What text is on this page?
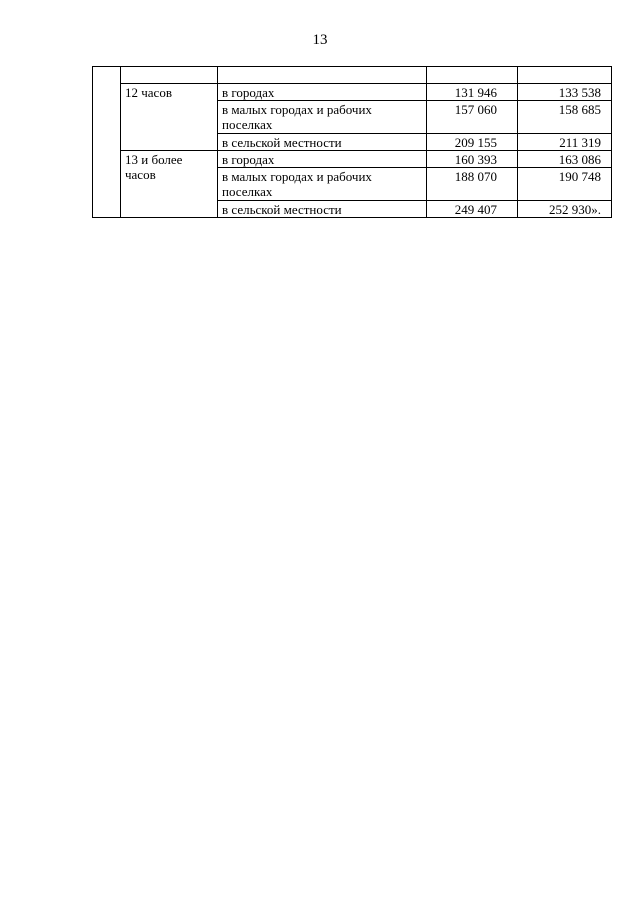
13

	12 часов	в городах	131 946	133 538
		в малых городах и рабочих поселках	157 060	158 685
		в сельской местности	209 155	211 319
	13 и более часов	в городах	160 393	163 086
		в малых городах и рабочих поселках	188 070	190 748
		в сельской местности	249 407	252 930».
